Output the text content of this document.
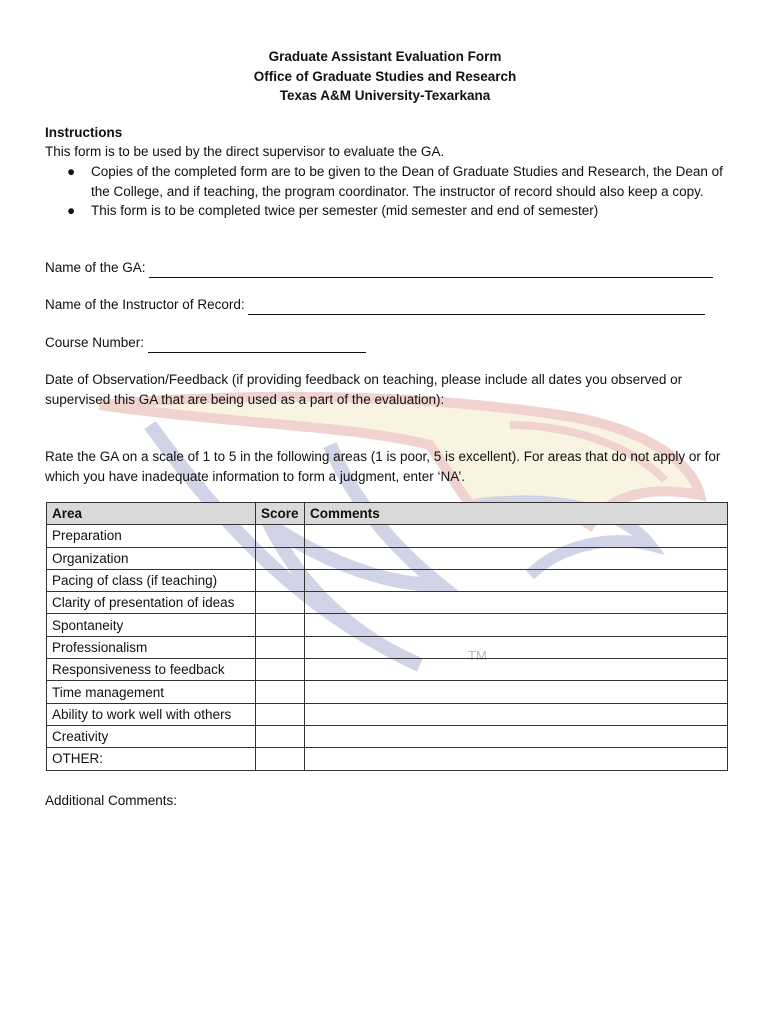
TM
Graduate Assistant Evaluation Form
Office of Graduate Studies and Research
Texas A&M University-Texarkana
Instructions
This form is to be used by the direct supervisor to evaluate the GA.
● Copies of the completed form are to be given to the Dean of Graduate Studies and Research, the Dean of the College, and if teaching, the program coordinator. The instructor of record should also keep a copy.
● This form is to be completed twice per semester (mid semester and end of semester)
Name of the GA:
Name of the Instructor of Record:
Course Number:
Date of Observation/Feedback (if providing feedback on teaching, please include all dates you observed or supervised this GA that are being used as a part of the evaluation):
Rate the GA on a scale of 1 to 5 in the following areas (1 is poor, 5 is excellent). For areas that do not apply or for which you have inadequate information to form a judgment, enter ‘NA’.
Area	Score	Comments
Preparation		
Organization		
Pacing of class (if teaching)		
Clarity of presentation of ideas		
Spontaneity		
Professionalism		
Responsiveness to feedback		
Time management		
Ability to work well with others		
Creativity		
OTHER:		
Additional Comments:
